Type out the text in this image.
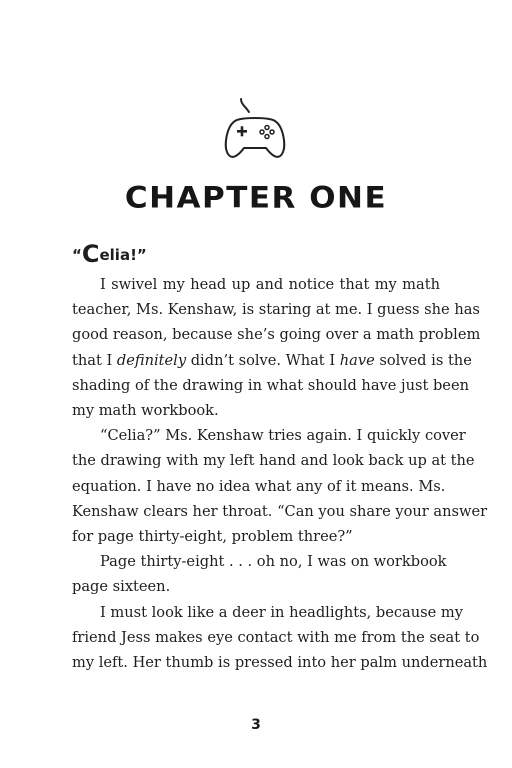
CHAPTER ONE

“Celia!”

I swivel my head up and notice that my math
teacher, Ms. Kenshaw, is staring at me. I guess she has
good reason, because she’s going over a math problem
that I definitely didn’t solve. What I have solved is the
shading of the drawing in what should have just been
my math workbook.
“Celia?” Ms. Kenshaw tries again. I quickly cover
the drawing with my left hand and look back up at the
equation. I have no idea what any of it means. Ms.
Kenshaw clears her throat. “Can you share your answer
for page thirty-eight, problem three?”
Page thirty-eight . . . oh no, I was on workbook
page sixteen.
I must look like a deer in headlights, because my
friend Jess makes eye contact with me from the seat to
my left. Her thumb is pressed into her palm underneath
3
